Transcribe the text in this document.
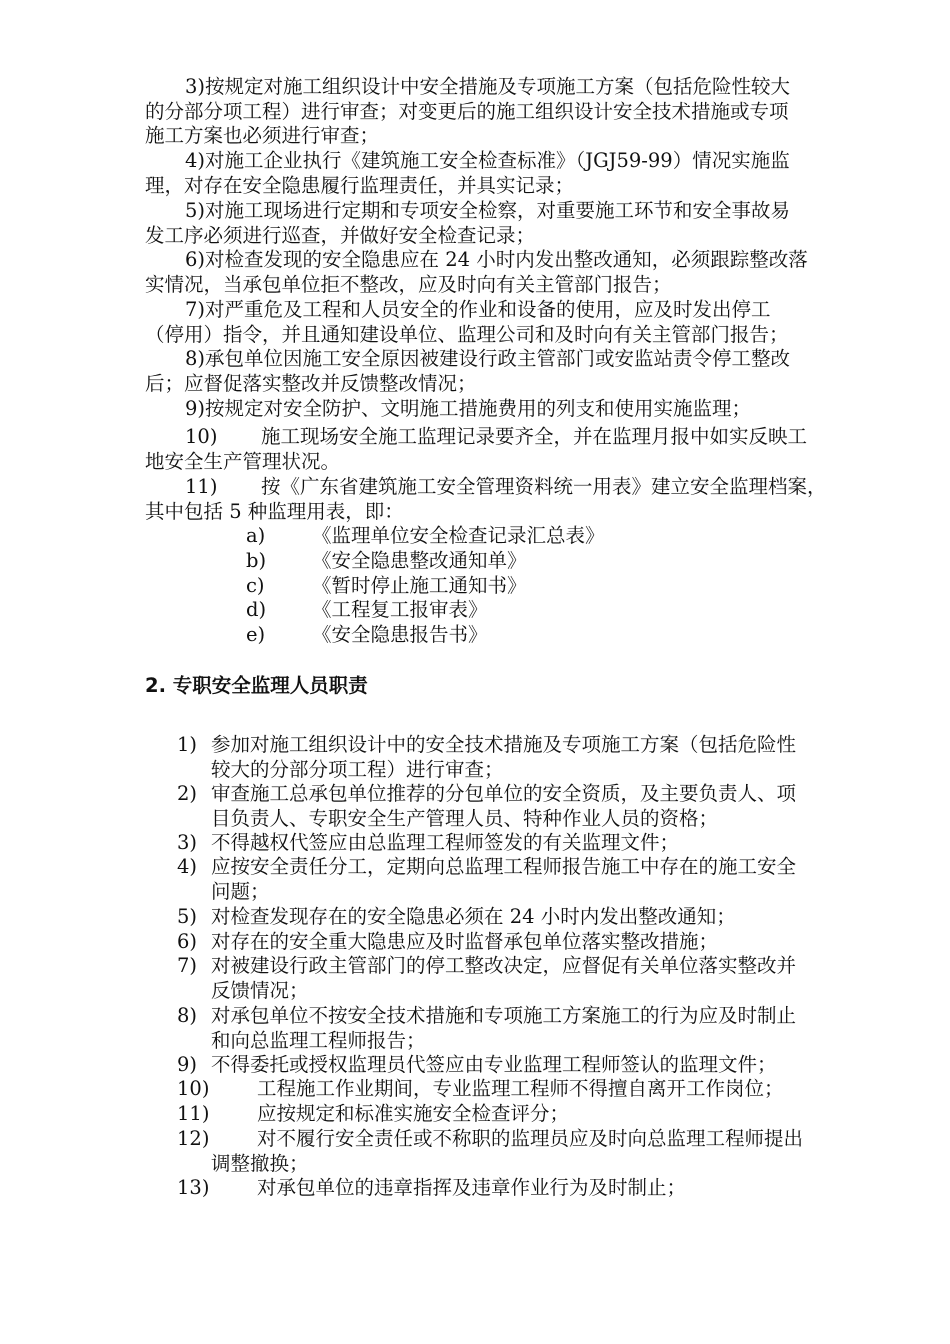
3)按规定对施工组织设计中安全措施及专项施工方案（包括危险性较大
的分部分项工程）进行审查；对变更后的施工组织设计安全技术措施或专项
施工方案也必须进行审查；
4)对施工企业执行《建筑施工安全检查标准》（JGJ59-99）情况实施监
理，对存在安全隐患履行监理责任，并具实记录；
5)对施工现场进行定期和专项安全检察，对重要施工环节和安全事故易
发工序必须进行巡查，并做好安全检查记录；
6)对检查发现的安全隐患应在 24 小时内发出整改通知，必须跟踪整改落
实情况，当承包单位拒不整改，应及时向有关主管部门报告；
7)对严重危及工程和人员安全的作业和设备的使用，应及时发出停工
（停用）指令，并且通知建设单位、监理公司和及时向有关主管部门报告；
8)承包单位因施工安全原因被建设行政主管部门或安监站责令停工整改
后；应督促落实整改并反馈整改情况；
9)按规定对安全防护、文明施工措施费用的列支和使用实施监理；
10) 施工现场安全施工监理记录要齐全，并在监理月报中如实反映工
地安全生产管理状况。
11) 按《广东省建筑施工安全管理资料统一用表》建立安全监理档案，
其中包括 5 种监理用表，即：
a) 《监理单位安全检查记录汇总表》
b) 《安全隐患整改通知单》
c) 《暂时停止施工通知书》
d) 《工程复工报审表》
e) 《安全隐患报告书》
2. 专职安全监理人员职责
1) 参加对施工组织设计中的安全技术措施及专项施工方案（包括危险性
较大的分部分项工程）进行审查；
2) 审查施工总承包单位推荐的分包单位的安全资质，及主要负责人、项
目负责人、专职安全生产管理人员、特种作业人员的资格；
3) 不得越权代签应由总监理工程师签发的有关监理文件；
4) 应按安全责任分工，定期向总监理工程师报告施工中存在的施工安全
问题；
5) 对检查发现存在的安全隐患必须在 24 小时内发出整改通知；
6) 对存在的安全重大隐患应及时监督承包单位落实整改措施；
7) 对被建设行政主管部门的停工整改决定，应督促有关单位落实整改并
反馈情况；
8) 对承包单位不按安全技术措施和专项施工方案施工的行为应及时制止
和向总监理工程师报告；
9) 不得委托或授权监理员代签应由专业监理工程师签认的监理文件；
10) 工程施工作业期间，专业监理工程师不得擅自离开工作岗位；
11) 应按规定和标准实施安全检查评分；
12) 对不履行安全责任或不称职的监理员应及时向总监理工程师提出
调整撤换；
13) 对承包单位的违章指挥及违章作业行为及时制止；
